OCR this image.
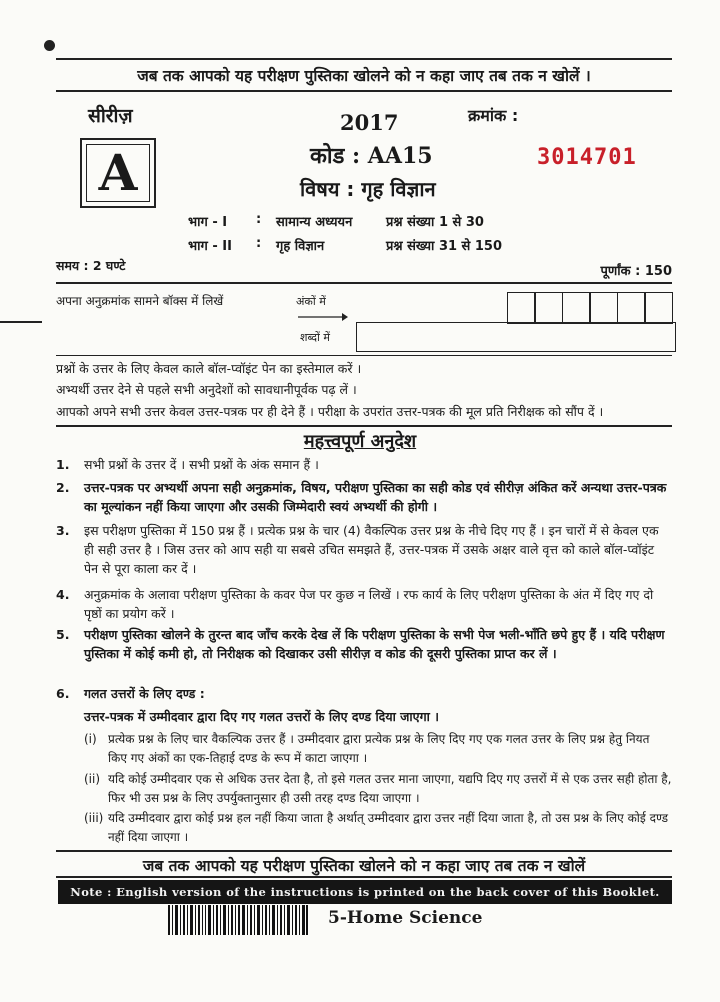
जब तक आपको यह परीक्षण पुस्तिका खोलने को न कहा जाए तब तक न खोलें ।
सीरीज़
A
2017
कोड : AA15
विषय : गृह विज्ञान
क्रमांक :
3014701
भाग - I : सामान्य अध्ययन	प्रश्न संख्या 1 से 30
भाग - II : गृह विज्ञान	प्रश्न संख्या 31 से 150
समय : 2 घण्टे	पूर्णांक : 150
अपना अनुक्रमांक सामने बॉक्स में लिखें	अंकों में
शब्दों में
प्रश्नों के उत्तर के लिए केवल काले बॉल-प्वॉइंट पेन का इस्तेमाल करें ।
अभ्यर्थी उत्तर देने से पहले सभी अनुदेशों को सावधानीपूर्वक पढ़ लें ।
आपको अपने सभी उत्तर केवल उत्तर-पत्रक पर ही देने हैं । परीक्षा के उपरांत उत्तर-पत्रक की मूल प्रति निरीक्षक को सौंप दें ।
महत्त्वपूर्ण अनुदेश
1.	सभी प्रश्नों के उत्तर दें । सभी प्रश्नों के अंक समान हैं ।
2.	उत्तर-पत्रक पर अभ्यर्थी अपना सही अनुक्रमांक, विषय, परीक्षण पुस्तिका का सही कोड एवं सीरीज़ अंकित करें अन्यथा उत्तर-पत्रक का मूल्यांकन नहीं किया जाएगा और उसकी जिम्मेदारी स्वयं अभ्यर्थी की होगी ।
3.	इस परीक्षण पुस्तिका में 150 प्रश्न हैं । प्रत्येक प्रश्न के चार (4) वैकल्पिक उत्तर प्रश्न के नीचे दिए गए हैं । इन चारों में से केवल एक ही सही उत्तर है । जिस उत्तर को आप सही या सबसे उचित समझते हैं, उत्तर-पत्रक में उसके अक्षर वाले वृत्त को काले बॉल-प्वॉइंट पेन से पूरा काला कर दें ।
4.	अनुक्रमांक के अलावा परीक्षण पुस्तिका के कवर पेज पर कुछ न लिखें । रफ कार्य के लिए परीक्षण पुस्तिका के अंत में दिए गए दो पृष्ठों का प्रयोग करें ।
5.	परीक्षण पुस्तिका खोलने के तुरन्त बाद जाँच करके देख लें कि परीक्षण पुस्तिका के सभी पेज भली-भाँति छपे हुए हैं । यदि परीक्षण पुस्तिका में कोई कमी हो, तो निरीक्षक को दिखाकर उसी सीरीज़ व कोड की दूसरी पुस्तिका प्राप्त कर लें ।
6.	गलत उत्तरों के लिए दण्ड :
उत्तर-पत्रक में उम्मीदवार द्वारा दिए गए गलत उत्तरों के लिए दण्ड दिया जाएगा ।
(i) प्रत्येक प्रश्न के लिए चार वैकल्पिक उत्तर हैं । उम्मीदवार द्वारा प्रत्येक प्रश्न के लिए दिए गए एक गलत उत्तर के लिए प्रश्न हेतु नियत किए गए अंकों का एक-तिहाई दण्ड के रूप में काटा जाएगा ।
(ii) यदि कोई उम्मीदवार एक से अधिक उत्तर देता है, तो इसे गलत उत्तर माना जाएगा, यद्यपि दिए गए उत्तरों में से एक उत्तर सही होता है, फिर भी उस प्रश्न के लिए उपर्युक्तानुसार ही उसी तरह दण्ड दिया जाएगा ।
(iii) यदि उम्मीदवार द्वारा कोई प्रश्न हल नहीं किया जाता है अर्थात् उम्मीदवार द्वारा उत्तर नहीं दिया जाता है, तो उस प्रश्न के लिए कोई दण्ड नहीं दिया जाएगा ।
जब तक आपको यह परीक्षण पुस्तिका खोलने को न कहा जाए तब तक न खोलें
Note : English version of the instructions is printed on the back cover of this Booklet.
5-Home Science
